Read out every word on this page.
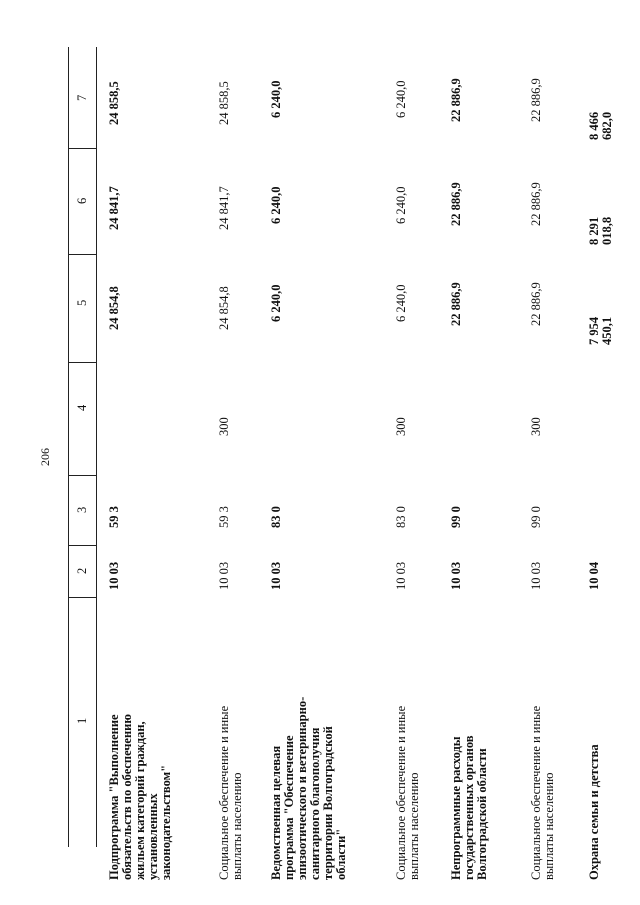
206
1
2
3
4
5
6
7
Подпрограмма "Выполнение
обязательств по обеспечению
жильем категорий граждан,
установленных
законодательством"
10 03
59 3
24 854,8
24 841,7
24 858,5
Социальное обеспечение и иные
выплаты населению
10 03
59 3
300
24 854,8
24 841,7
24 858,5
Ведомственная целевая
программа "Обеспечение
эпизоотического и ветеринарно-
санитарного благополучия
территории Волгоградской
области"
10 03
83 0
6 240,0
6 240,0
6 240,0
Социальное обеспечение и иные
выплаты населению
10 03
83 0
300
6 240,0
6 240,0
6 240,0
Непрограммные расходы
государственных органов
Волгоградской области
10 03
99 0
22 886,9
22 886,9
22 886,9
Социальное обеспечение и иные
выплаты населению
10 03
99 0
300
22 886,9
22 886,9
22 886,9
Охрана семьи и детства
10 04
7 954 450,1
8 291 018,8
8 466 682,0
